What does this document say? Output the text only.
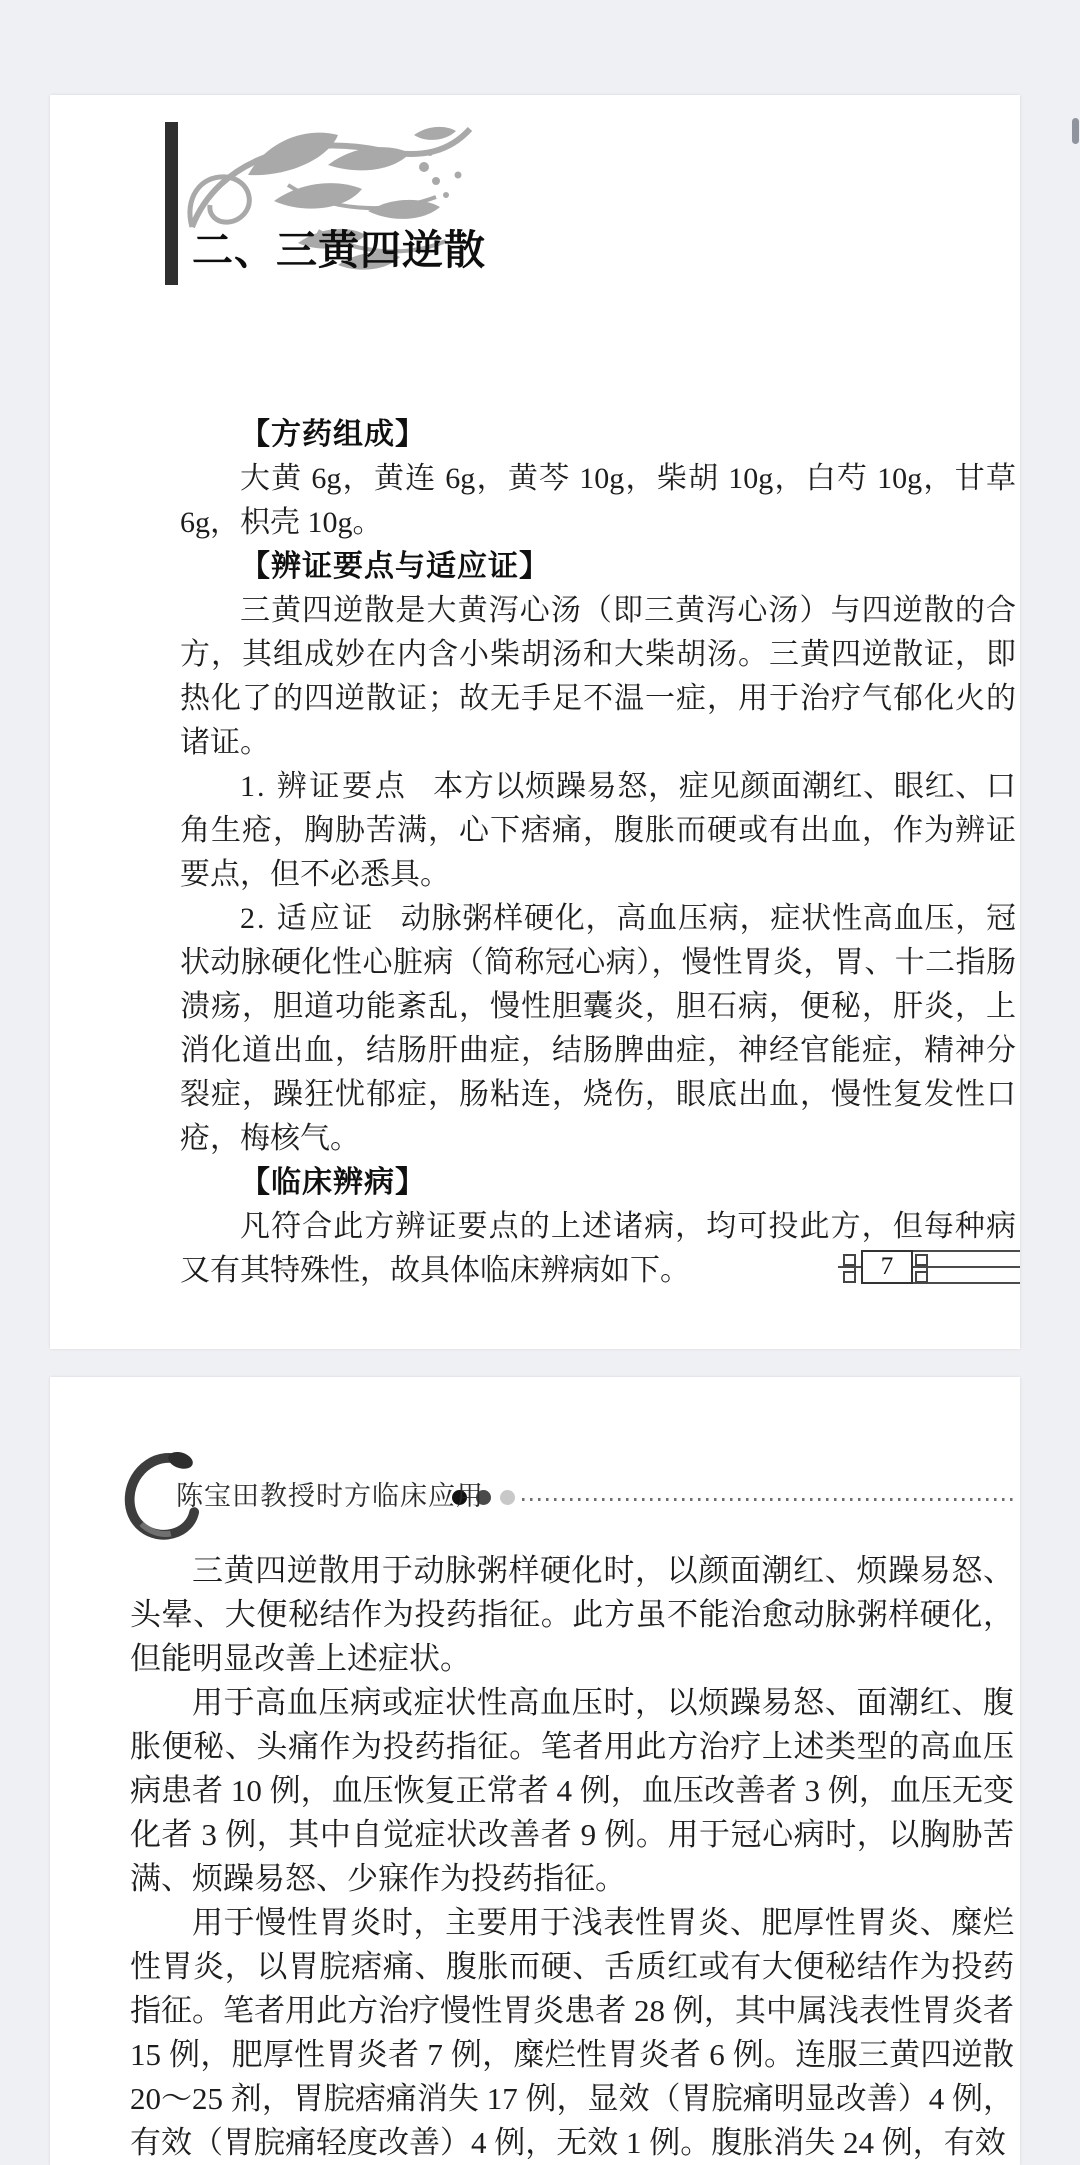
二、三黄四逆散
【方药组成】

大黄 6g，黄连 6g，黄芩 10g，柴胡 10g，白芍 10g，甘草 6g，枳壳 10g。

【辨证要点与适应证】

三黄四逆散是大黄泻心汤（即三黄泻心汤）与四逆散的合方，其组成妙在内含小柴胡汤和大柴胡汤。三黄四逆散证，即热化了的四逆散证；故无手足不温一症，用于治疗气郁化火的诸证。

1. 辨证要点 本方以烦躁易怒，症见颜面潮红、眼红、口角生疮，胸胁苦满，心下痞痛，腹胀而硬或有出血，作为辨证要点，但不必悉具。

2. 适应证 动脉粥样硬化，高血压病，症状性高血压，冠状动脉硬化性心脏病（简称冠心病），慢性胃炎，胃、十二指肠溃疡，胆道功能紊乱，慢性胆囊炎，胆石病，便秘，肝炎，上消化道出血，结肠肝曲症，结肠脾曲症，神经官能症，精神分裂症，躁狂忧郁症，肠粘连，烧伤，眼底出血，慢性复发性口疮，梅核气。

【临床辨病】

凡符合此方辨证要点的上述诸病，均可投此方，但每种病又有其特殊性，故具体临床辨病如下。	7
陈宝田教授时方临床应用

三黄四逆散用于动脉粥样硬化时，以颜面潮红、烦躁易怒、头晕、大便秘结作为投药指征。此方虽不能治愈动脉粥样硬化，但能明显改善上述症状。

用于高血压病或症状性高血压时，以烦躁易怒、面潮红、腹胀便秘、头痛作为投药指征。笔者用此方治疗上述类型的高血压病患者 10 例，血压恢复正常者 4 例，血压改善者 3 例，血压无变化者 3 例，其中自觉症状改善者 9 例。用于冠心病时，以胸胁苦满、烦躁易怒、少寐作为投药指征。

用于慢性胃炎时，主要用于浅表性胃炎、肥厚性胃炎、糜烂性胃炎，以胃脘痞痛、腹胀而硬、舌质红或有大便秘结作为投药指征。笔者用此方治疗慢性胃炎患者 28 例，其中属浅表性胃炎者 15 例，肥厚性胃炎者 7 例，糜烂性胃炎者 6 例。连服三黄四逆散 20～25 剂，胃脘痞痛消失 17 例，显效（胃脘痛明显改善）4 例，有效（胃脘痛轻度改善）4 例，无效 1 例。腹胀消失 24 例，有效
